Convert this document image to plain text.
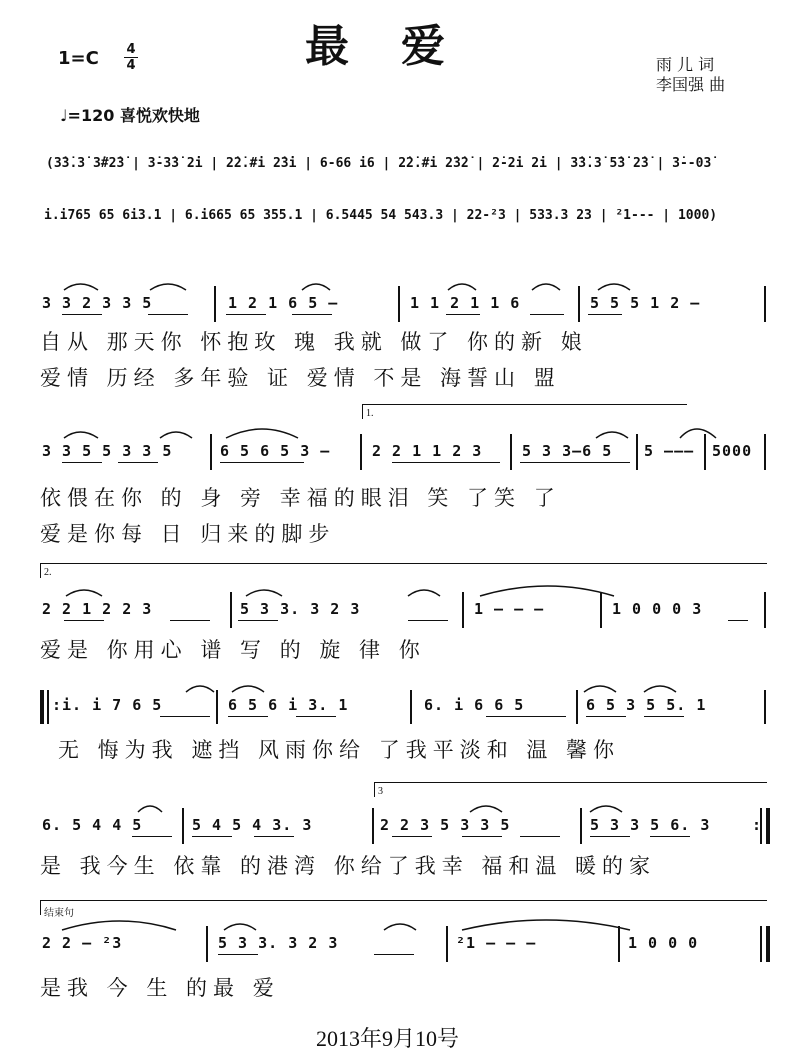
最爱
1=C 4
4	雨 儿 词
李国强 曲
♩=120 喜悦欢快地
(3̇3̇.3̇ 3̇#2̇3̇ | 3̇-3̇3̇ 2̇i | 2̇2̇.#i 2̇3̇i | 6-66 i6 | 2̇2̇.#i 2̇3̇2̇ | 2̇-2̇i 2̇i | 3̇3̇.3̇ 5̇3̇ 2̇3̇ | 3̇--03̇
i.i765 65 6i3.1 | 6.i665 65 355.1 | 6.5445 54 543.3 | 22-²3 | 533.3 23 | ²1--- | 1000)
3 3 2 3 3 5	1 2 1 6 5 –	1 1 2 1 1 6	5 5 5 1 2 –
自从 那天你 怀抱玫 瑰 我就 做了 你的新 娘
爱情 历经 多年验 证 爱情 不是 海誓山 盟
1.
3 3 5 5 3 3 5	6 5 6 5 3 –	2 2 1 1 2 3	5 3 3–6 5 5 ––– 5000
依偎在你 的 身 旁 幸福的眼泪 笑 了笑 了
爱是你每 日 归来的脚步
2.
2 2 1 2 2 3	5 3 3. 3 2 3	1 – – –	1 0 0 0 3
爱是 你用心 谱 写 的 旋 律 你
: i. i 7 6 5	6 5 6 i 3. 1	6. i 6 6 5	6 5 3 5 5. 1
无 悔为我 遮挡 风雨你给 了我平淡和 温 馨你
3
6. 5 4 4 5	5 4 5 4 3. 3	2 2 3 5 3 3 5	5 3 3 5 6. 3	:
是 我今生 依靠 的港湾 你给了我幸 福和温 暖的家
结束句
2 2 – ²3	5 3 3. 3 2 3	²1 – – –	1 0 0 0
是我 今 生 的最 爱
2013年9月10号
